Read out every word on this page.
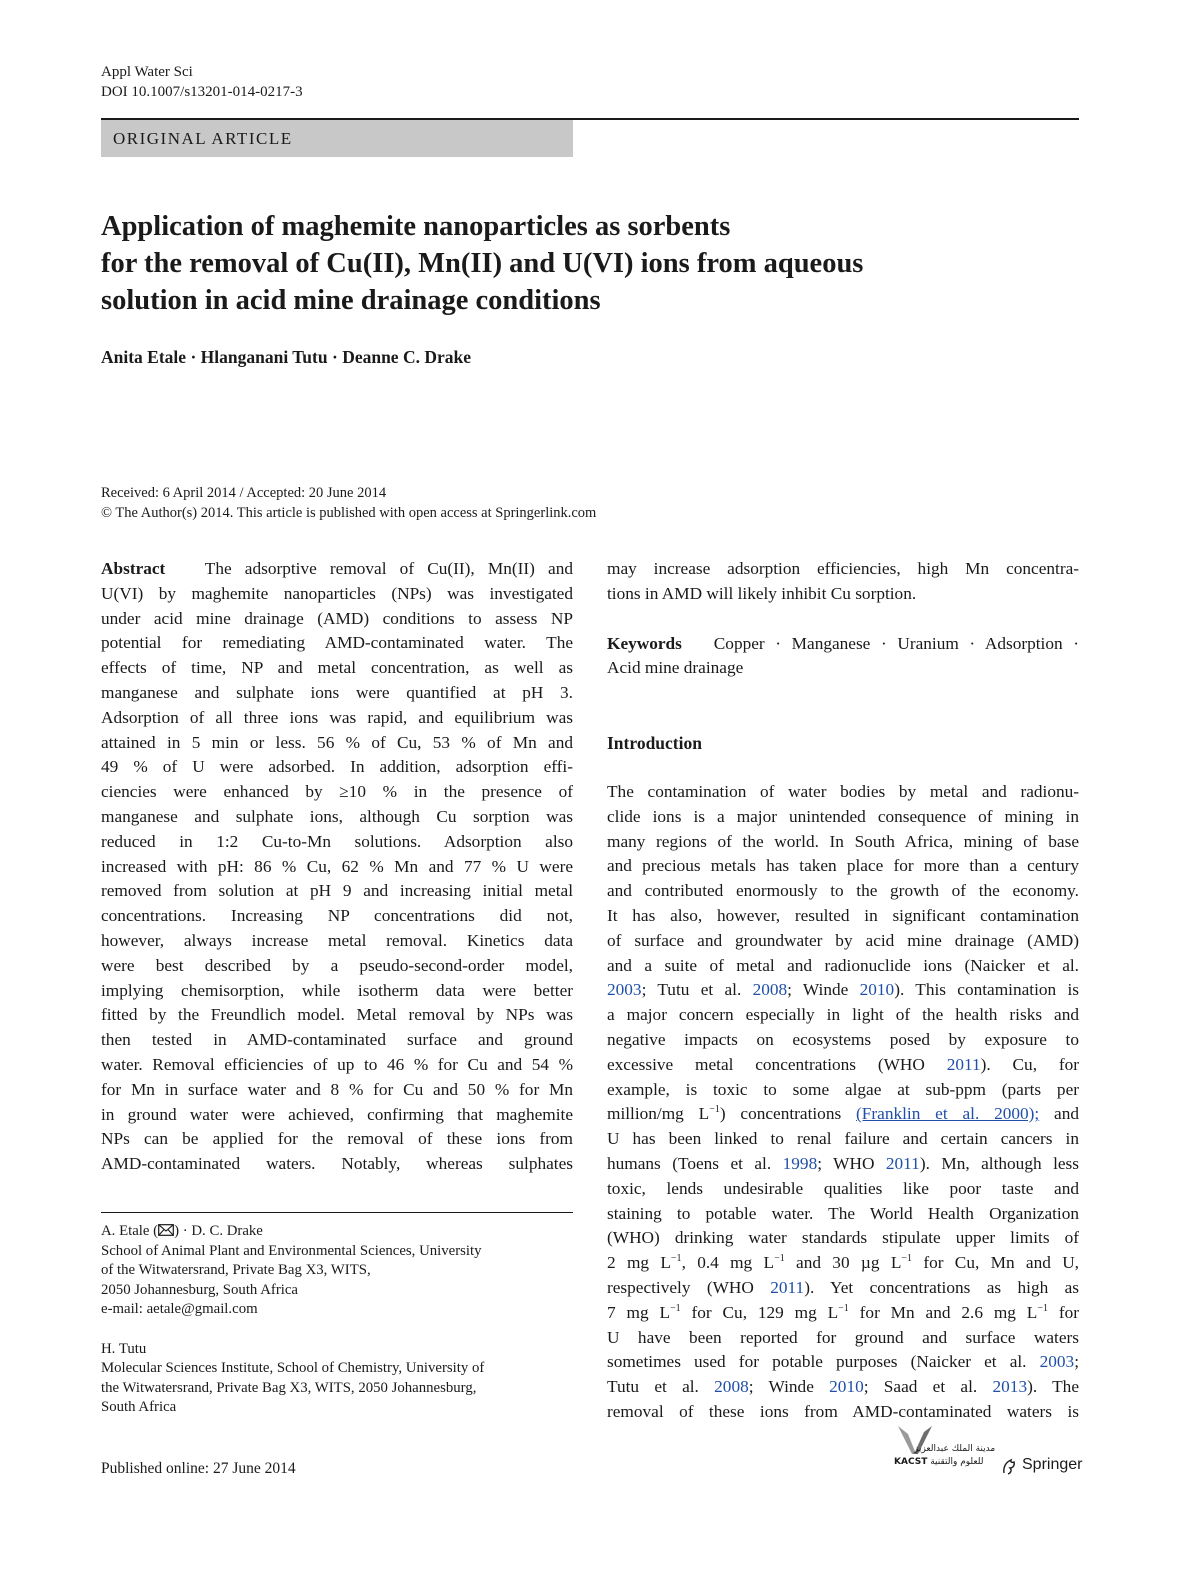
Appl Water Sci
DOI 10.1007/s13201-014-0217-3
ORIGINAL ARTICLE
Application of maghemite nanoparticles as sorbents
for the removal of Cu(II), Mn(II) and U(VI) ions from aqueous
solution in acid mine drainage conditions
Anita Etale · Hlanganani Tutu · Deanne C. Drake
Received: 6 April 2014 / Accepted: 20 June 2014
© The Author(s) 2014. This article is published with open access at Springerlink.com
Abstract The adsorptive removal of Cu(II), Mn(II) and
U(VI) by maghemite nanoparticles (NPs) was investigated
under acid mine drainage (AMD) conditions to assess NP
potential for remediating AMD-contaminated water. The
effects of time, NP and metal concentration, as well as
manganese and sulphate ions were quantified at pH 3.
Adsorption of all three ions was rapid, and equilibrium was
attained in 5 min or less. 56 % of Cu, 53 % of Mn and
49 % of U were adsorbed. In addition, adsorption effi-
ciencies were enhanced by ≥10 % in the presence of
manganese and sulphate ions, although Cu sorption was
reduced in 1:2 Cu-to-Mn solutions. Adsorption also
increased with pH: 86 % Cu, 62 % Mn and 77 % U were
removed from solution at pH 9 and increasing initial metal
concentrations. Increasing NP concentrations did not,
however, always increase metal removal. Kinetics data
were best described by a pseudo-second-order model,
implying chemisorption, while isotherm data were better
fitted by the Freundlich model. Metal removal by NPs was
then tested in AMD-contaminated surface and ground
water. Removal efficiencies of up to 46 % for Cu and 54 %
for Mn in surface water and 8 % for Cu and 50 % for Mn
in ground water were achieved, confirming that maghemite
NPs can be applied for the removal of these ions from
AMD-contaminated waters. Notably, whereas sulphates
A. Etale ( ) · D. C. Drake
School of Animal Plant and Environmental Sciences, University
of the Witwatersrand, Private Bag X3, WITS,
2050 Johannesburg, South Africa
e-mail: aetale@gmail.com
H. Tutu
Molecular Sciences Institute, School of Chemistry, University of
the Witwatersrand, Private Bag X3, WITS, 2050 Johannesburg,
South Africa
Published online: 27 June 2014
may increase adsorption efficiencies, high Mn concentra-
tions in AMD will likely inhibit Cu sorption.
Keywords Copper · Manganese · Uranium · Adsorption ·
Acid mine drainage
Introduction
The contamination of water bodies by metal and radionu-
clide ions is a major unintended consequence of mining in
many regions of the world. In South Africa, mining of base
and precious metals has taken place for more than a century
and contributed enormously to the growth of the economy.
It has also, however, resulted in significant contamination
of surface and groundwater by acid mine drainage (AMD)
and a suite of metal and radionuclide ions (Naicker et al.
2003; Tutu et al. 2008; Winde 2010). This contamination is
a major concern especially in light of the health risks and
negative impacts on ecosystems posed by exposure to
excessive metal concentrations (WHO 2011). Cu, for
example, is toxic to some algae at sub-ppm (parts per
million/mg $L^{-1}$) concentrations (Franklin et al. 2000); and
U has been linked to renal failure and certain cancers in
humans (Toens et al. 1998; WHO 2011). Mn, although less
toxic, lends undesirable qualities like poor taste and
staining to potable water. The World Health Organization
(WHO) drinking water standards stipulate upper limits of
2 mg $L^{-1}$, 0.4 mg $L^{-1}$ and 30 µg $L^{-1}$ for Cu, Mn and U,
respectively (WHO 2011). Yet concentrations as high as
7 mg $L^{-1}$ for Cu, 129 mg $L^{-1}$ for Mn and 2.6 mg $L^{-1}$ for
U have been reported for ground and surface waters
sometimes used for potable purposes (Naicker et al. 2003;
Tutu et al. 2008; Winde 2010; Saad et al. 2013). The
removal of these ions from AMD-contaminated waters is
مدينة الملك عبدالعزيز
KACST للعلوم والتقنية Springer
